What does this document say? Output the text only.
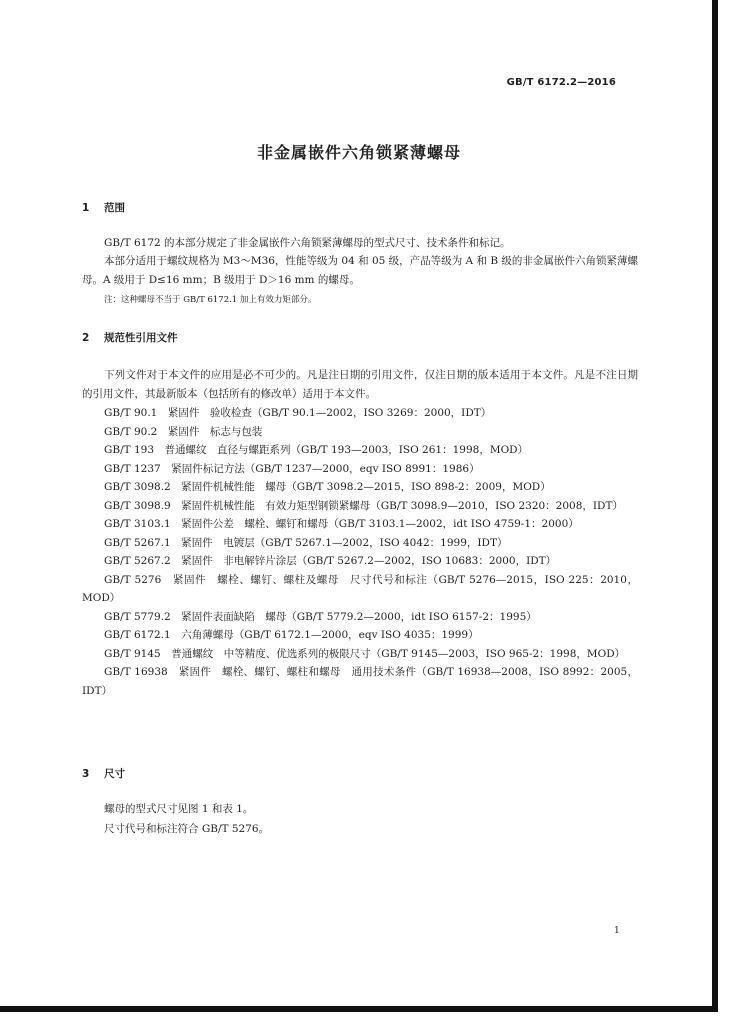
GB/T 6172.2—2016
非金属嵌件六角锁紧薄螺母
1 范围

GB/T 6172 的本部分规定了非金属嵌件六角锁紧薄螺母的型式尺寸、技术条件和标记。

本部分适用于螺纹规格为 M3～M36，性能等级为 04 和 05 级，产品等级为 A 和 B 级的非金属嵌件六角锁紧薄螺母。A 级用于 D≤16 mm；B 级用于 D＞16 mm 的螺母。

注：这种螺母不当于 GB/T 6172.1 加上有效力矩部分。
2 规范性引用文件

下列文件对于本文件的应用是必不可少的。凡是注日期的引用文件，仅注日期的版本适用于本文件。凡是不注日期的引用文件，其最新版本（包括所有的修改单）适用于本文件。

GB/T 90.1　紧固件　验收检查（GB/T 90.1—2002，ISO 3269：2000，IDT）
GB/T 90.2　紧固件　标志与包装
GB/T 193　普通螺纹　直径与螺距系列（GB/T 193—2003，ISO 261：1998，MOD）
GB/T 1237　紧固件标记方法（GB/T 1237—2000，eqv ISO 8991：1986）
GB/T 3098.2　紧固件机械性能　螺母（GB/T 3098.2—2015，ISO 898-2：2009，MOD）
GB/T 3098.9　紧固件机械性能　有效力矩型钢锁紧螺母（GB/T 3098.9—2010，ISO 2320：2008，IDT）
GB/T 3103.1　紧固件公差　螺栓、螺钉和螺母（GB/T 3103.1—2002，idt ISO 4759-1：2000）
GB/T 5267.1　紧固件　电镀层（GB/T 5267.1—2002，ISO 4042：1999，IDT）
GB/T 5267.2　紧固件　非电解锌片涂层（GB/T 5267.2—2002，ISO 10683：2000，IDT）
GB/T 5276　紧固件　螺栓、螺钉、螺柱及螺母　尺寸代号和标注（GB/T 5276—2015，ISO 225：2010，MOD）
GB/T 5779.2　紧固件表面缺陷　螺母（GB/T 5779.2—2000，idt ISO 6157-2：1995）
GB/T 6172.1　六角薄螺母（GB/T 6172.1—2000，eqv ISO 4035：1999）
GB/T 9145　普通螺纹　中等精度、优选系列的极限尺寸（GB/T 9145—2003，ISO 965-2：1998，MOD）
GB/T 16938　紧固件　螺栓、螺钉、螺柱和螺母　通用技术条件（GB/T 16938—2008，ISO 8992：2005，IDT）
3 尺寸

螺母的型式尺寸见图 1 和表 1。

尺寸代号和标注符合 GB/T 5276。

1
